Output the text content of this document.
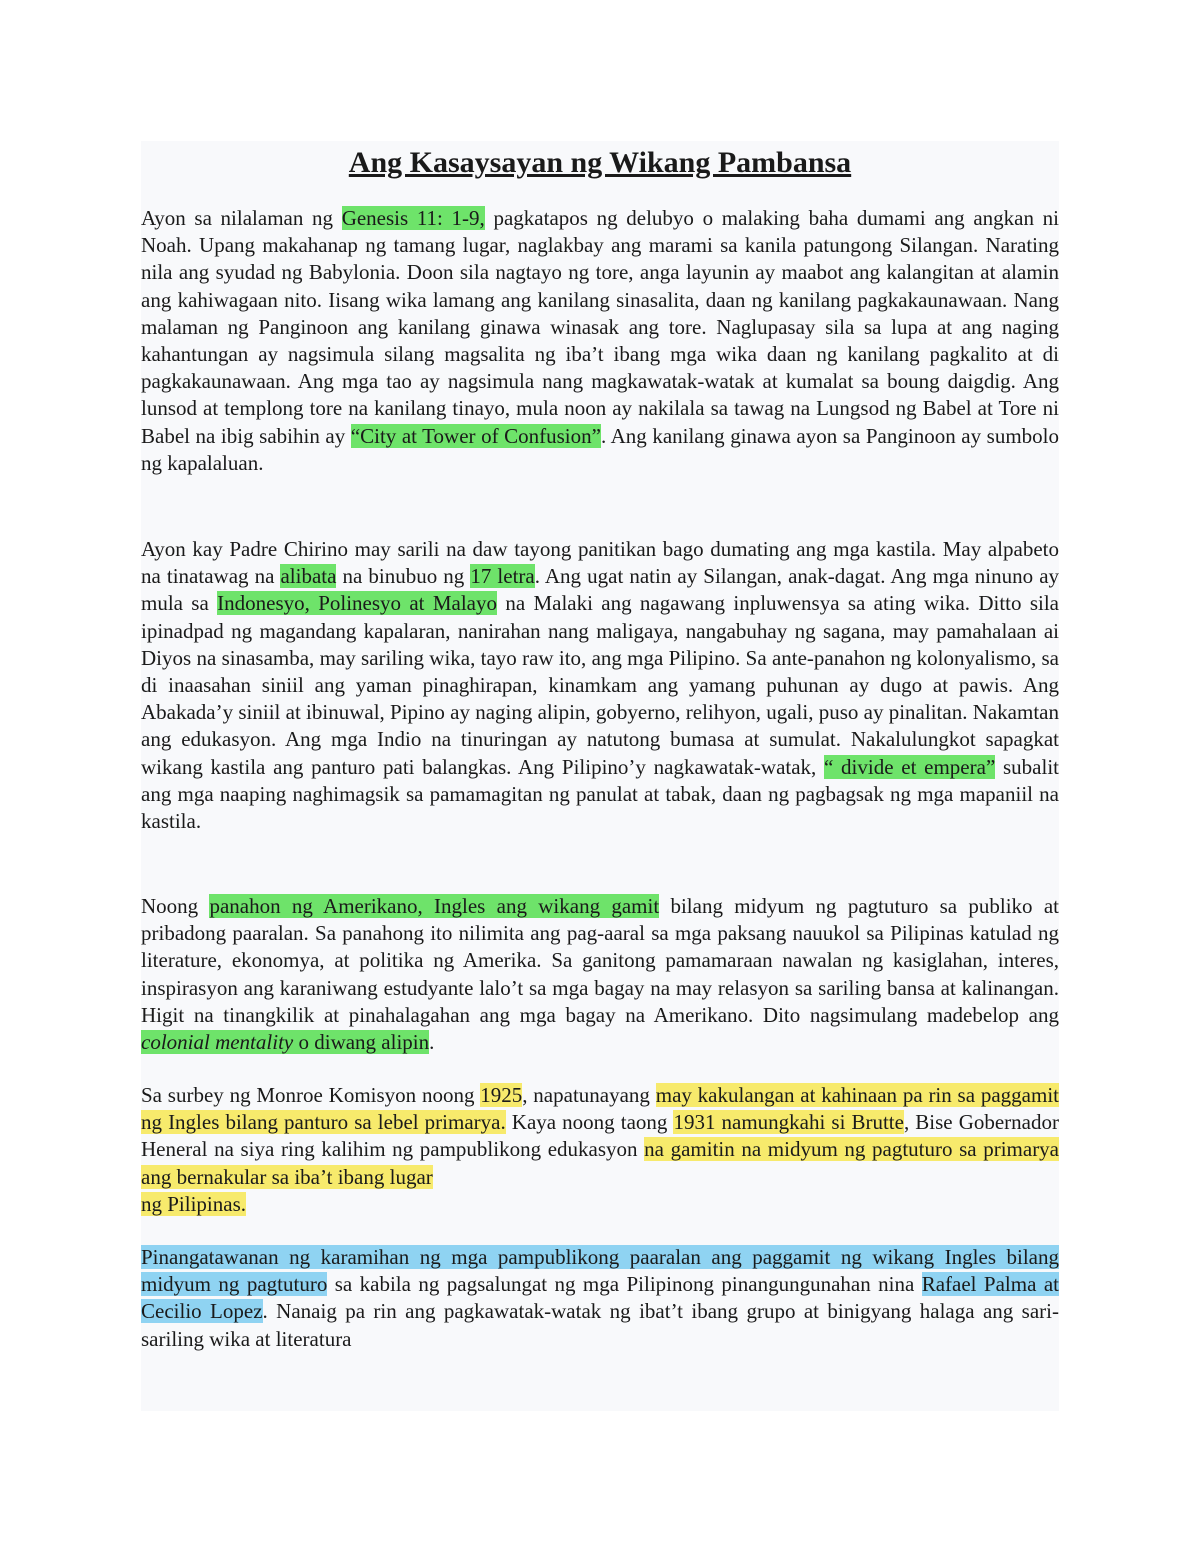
Ang Kasaysayan ng Wikang Pambansa

Ayon sa nilalaman ng Genesis 11: 1-9, pagkatapos ng delubyo o malaking baha dumami ang angkan ni Noah. Upang makahanap ng tamang lugar, naglakbay ang marami sa kanila patungong Silangan. Narating nila ang syudad ng Babylonia. Doon sila nagtayo ng tore, anga layunin ay maabot ang kalangitan at alamin ang kahiwagaan nito. Iisang wika lamang ang kanilang sinasalita, daan ng kanilang pagkakaunawaan. Nang malaman ng Panginoon ang kanilang ginawa winasak ang tore. Naglupasay sila sa lupa at ang naging kahantungan ay nagsimula silang magsalita ng iba’t ibang mga wika daan ng kanilang pagkalito at di pagkakaunawaan. Ang mga tao ay nagsimula nang magkawatak-watak at kumalat sa boung daigdig. Ang lunsod at templong tore na kanilang tinayo, mula noon ay nakilala sa tawag na Lungsod ng Babel at Tore ni Babel na ibig sabihin ay “City at Tower of Confusion”. Ang kanilang ginawa ayon sa Panginoon ay sumbolo ng kapalaluan.

Ayon kay Padre Chirino may sarili na daw tayong panitikan bago dumating ang mga kastila. May alpabeto na tinatawag na alibata na binubuo ng 17 letra. Ang ugat natin ay Silangan, anak-dagat. Ang mga ninuno ay mula sa Indonesyo, Polinesyo at Malayo na Malaki ang nagawang inpluwensya sa ating wika. Ditto sila ipinadpad ng magandang kapalaran, nanirahan nang maligaya, nangabuhay ng sagana, may pamahalaan ai Diyos na sinasamba, may sariling wika, tayo raw ito, ang mga Pilipino. Sa ante-panahon ng kolonyalismo, sa di inaasahan siniil ang yaman pinaghirapan, kinamkam ang yamang puhunan ay dugo at pawis. Ang Abakada’y siniil at ibinuwal, Pipino ay naging alipin, gobyerno, relihyon, ugali, puso ay pinalitan. Nakamtan ang edukasyon. Ang mga Indio na tinuringan ay natutong bumasa at sumulat. Nakalulungkot sapagkat wikang kastila ang panturo pati balangkas. Ang Pilipino’y nagkawatak-watak, “ divide et empera” subalit ang mga naaping naghimagsik sa pamamagitan ng panulat at tabak, daan ng pagbagsak ng mga mapaniil na kastila.

Noong panahon ng Amerikano, Ingles ang wikang gamit bilang midyum ng pagtuturo sa publiko at pribadong paaralan. Sa panahong ito nilimita ang pag-aaral sa mga paksang nauukol sa Pilipinas katulad ng literature, ekonomya, at politika ng Amerika. Sa ganitong pamamaraan nawalan ng kasiglahan, interes, inspirasyon ang karaniwang estudyante lalo’t sa mga bagay na may relasyon sa sariling bansa at kalinangan. Higit na tinangkilik at pinahalagahan ang mga bagay na Amerikano. Dito nagsimulang madebelop ang colonial mentality o diwang alipin.

Sa surbey ng Monroe Komisyon noong 1925, napatunayang may kakulangan at kahinaan pa rin sa paggamit ng Ingles bilang panturo sa lebel primarya. Kaya noong taong 1931 namungkahi si Brutte, Bise Gobernador Heneral na siya ring kalihim ng pampublikong edukasyon na gamitin na midyum ng pagtuturo sa primarya ang bernakular sa iba’t ibang lugar
ng Pilipinas.

Pinangatawanan ng karamihan ng mga pampublikong paaralan ang paggamit ng wikang Ingles bilang midyum ng pagtuturo sa kabila ng pagsalungat ng mga Pilipinong pinangungunahan nina Rafael Palma at Cecilio Lopez. Nanaig pa rin ang pagkawatak-watak ng ibat’t ibang grupo at binigyang halaga ang sari-sariling wika at literatura
